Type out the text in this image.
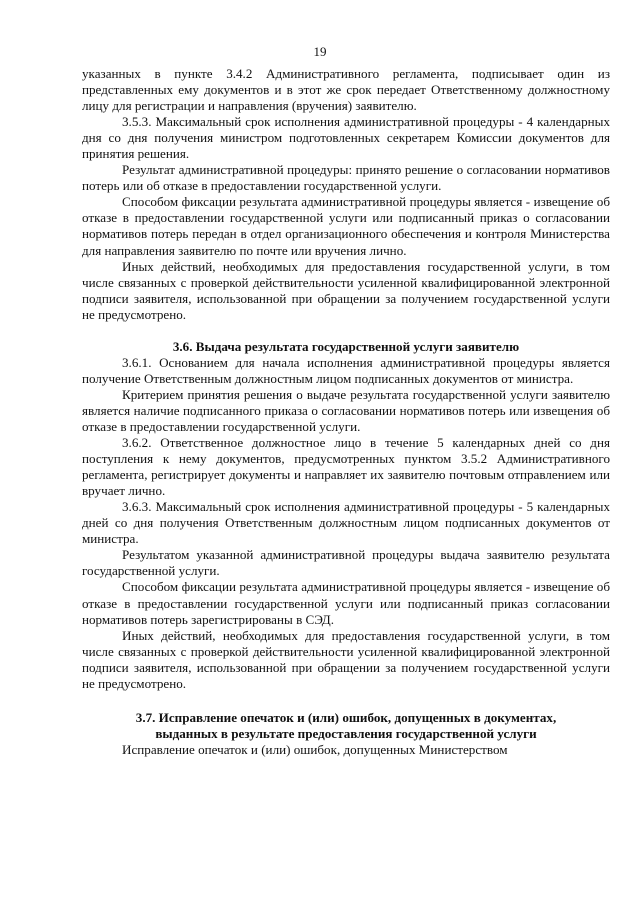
19

указанных в пункте 3.4.2 Административного регламента, подписывает один из представленных ему документов и в этот же срок передает Ответственному должностному лицу для регистрации и направления (вручения) заявителю.

3.5.3. Максимальный срок исполнения административной процедуры - 4 календарных дня со дня получения министром подготовленных секретарем Комиссии документов для принятия решения.

Результат административной процедуры: принято решение о согласовании нормативов потерь или об отказе в предоставлении государственной услуги.

Способом фиксации результата административной процедуры является - извещение об отказе в предоставлении государственной услуги или подписанный приказ о согласовании нормативов потерь передан в отдел организационного обеспечения и контроля Министерства для направления заявителю по почте или вручения лично.

Иных действий, необходимых для предоставления государственной услуги, в том числе связанных с проверкой действительности усиленной квалифицированной электронной подписи заявителя, использованной при обращении за получением государственной услуги не предусмотрено.

3.6. Выдача результата государственной услуги заявителю

3.6.1. Основанием для начала исполнения административной процедуры является получение Ответственным должностным лицом подписанных документов от министра.

Критерием принятия решения о выдаче результата государственной услуги заявителю является наличие подписанного приказа о согласовании нормативов потерь или извещения об отказе в предоставлении государственной услуги.

3.6.2. Ответственное должностное лицо в течение 5 календарных дней со дня поступления к нему документов, предусмотренных пунктом 3.5.2 Административного регламента, регистрирует документы и направляет их заявителю почтовым отправлением или вручает лично.

3.6.3. Максимальный срок исполнения административной процедуры - 5 календарных дней со дня получения Ответственным должностным лицом подписанных документов от министра.

Результатом указанной административной процедуры выдача заявителю результата государственной услуги.

Способом фиксации результата административной процедуры является - извещение об отказе в предоставлении государственной услуги или подписанный приказ согласовании нормативов потерь зарегистрированы в СЭД.

Иных действий, необходимых для предоставления государственной услуги, в том числе связанных с проверкой действительности усиленной квалифицированной электронной подписи заявителя, использованной при обращении за получением государственной услуги не предусмотрено.

3.7. Исправление опечаток и (или) ошибок, допущенных в документах,
выданных в результате предоставления государственной услуги

Исправление опечаток и (или) ошибок, допущенных Министерством
